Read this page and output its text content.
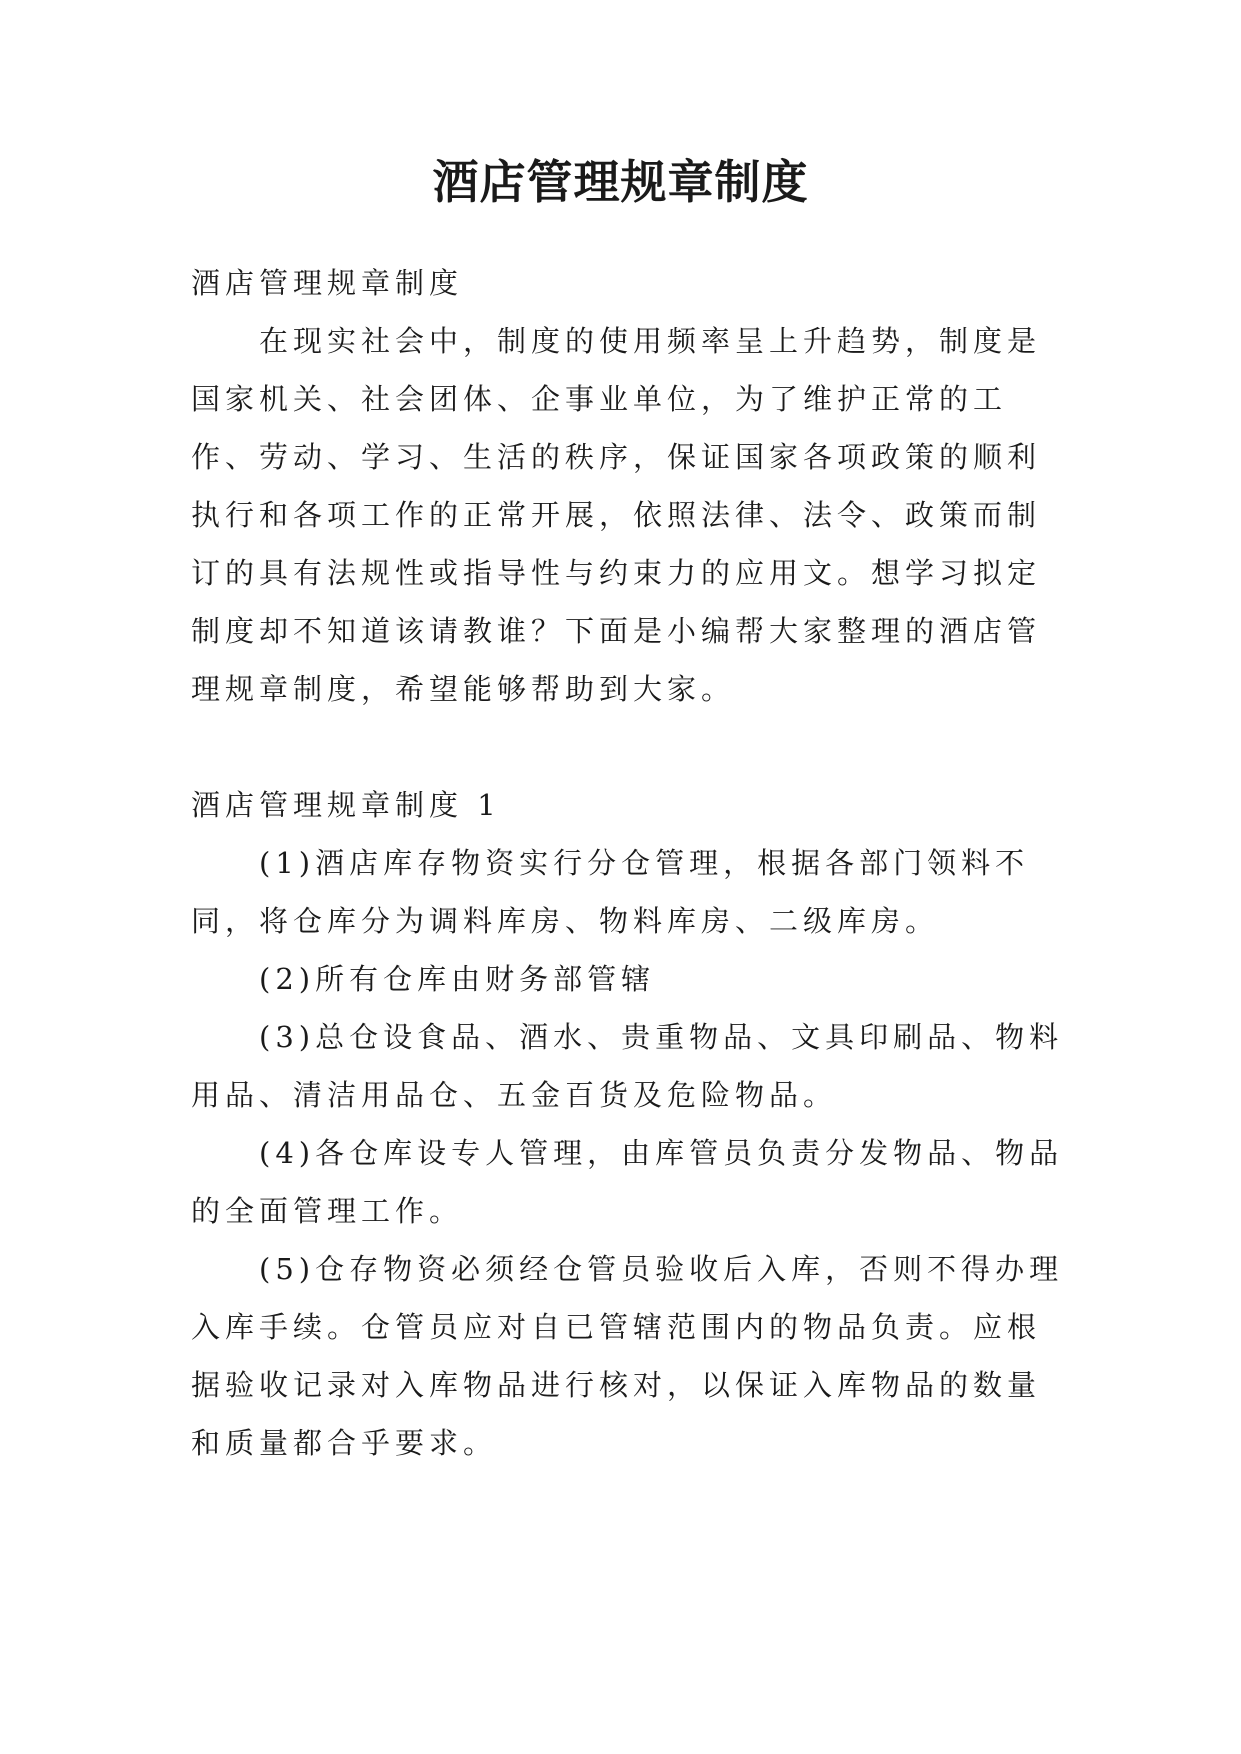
酒店管理规章制度

酒店管理规章制度

在现实社会中，制度的使用频率呈上升趋势，制度是国家机关、社会团体、企事业单位，为了维护正常的工作、劳动、学习、生活的秩序，保证国家各项政策的顺利执行和各项工作的正常开展，依照法律、法令、政策而制订的具有法规性或指导性与约束力的应用文。想学习拟定制度却不知道该请教谁？下面是小编帮大家整理的酒店管理规章制度，希望能够帮助到大家。

酒店管理规章制度 1

(1)酒店库存物资实行分仓管理，根据各部门领料不同，将仓库分为调料库房、物料库房、二级库房。

(2)所有仓库由财务部管辖

(3)总仓设食品、酒水、贵重物品、文具印刷品、物料用品、清洁用品仓、五金百货及危险物品。

(4)各仓库设专人管理，由库管员负责分发物品、物品的全面管理工作。

(5)仓存物资必须经仓管员验收后入库，否则不得办理入库手续。仓管员应对自已管辖范围内的物品负责。应根据验收记录对入库物品进行核对，以保证入库物品的数量和质量都合乎要求。
